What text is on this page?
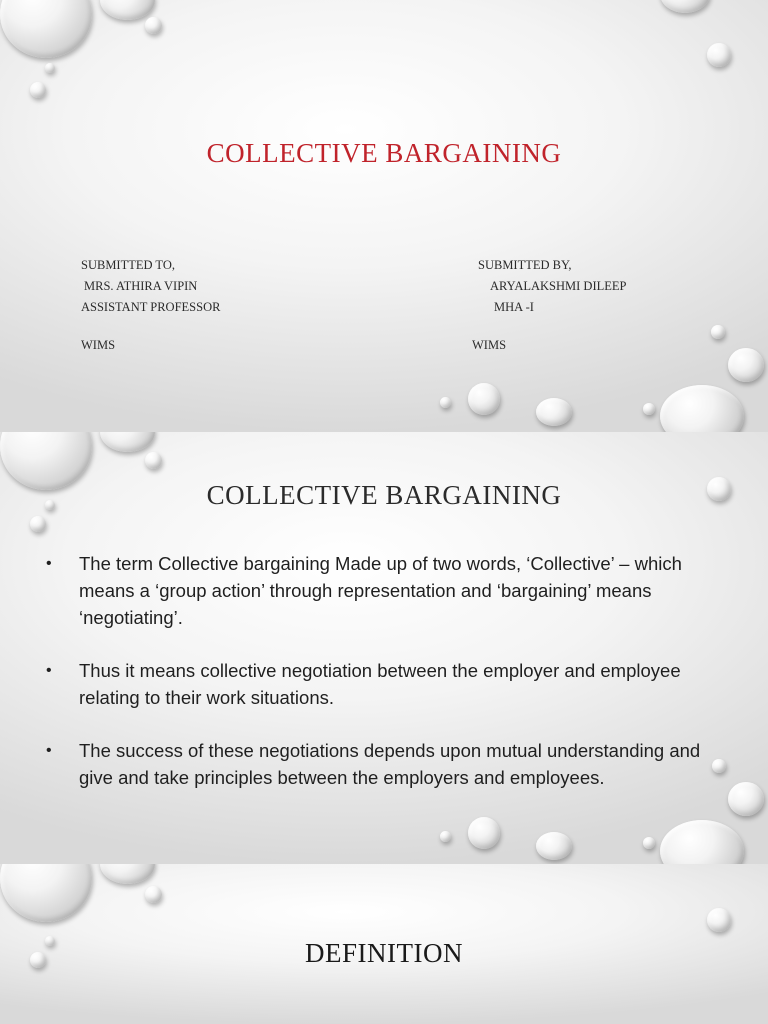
COLLECTIVE BARGAINING
SUBMITTED TO,
MRS. ATHIRA VIPIN
ASSISTANT PROFESSOR
WIMS
SUBMITTED BY,
ARYALAKSHMI DILEEP
MHA -I
WIMS
COLLECTIVE BARGAINING
• The term Collective bargaining Made up of two words, ‘Collective’ – which means a ‘group action’ through representation and ‘bargaining’ means ‘negotiating’.
• Thus it means collective negotiation between the employer and employee relating to their work situations.
• The success of these negotiations depends upon mutual understanding and give and take principles between the employers and employees.
DEFINITION
